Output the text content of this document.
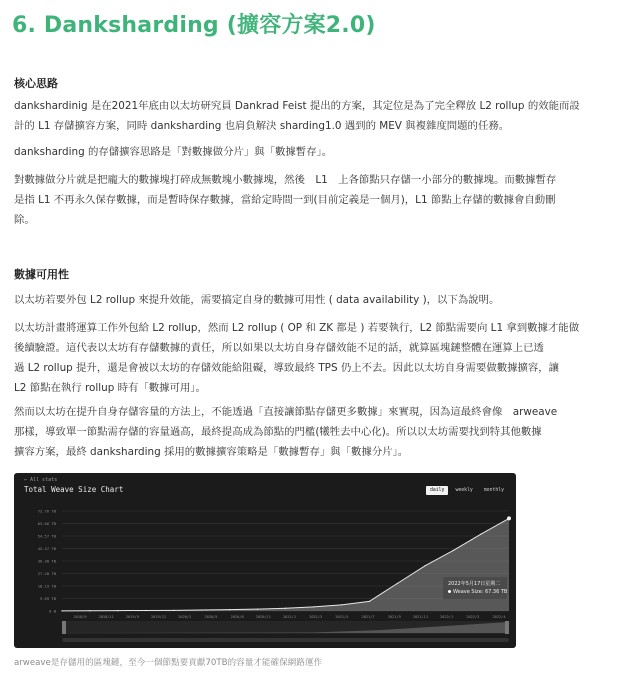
6. Danksharding (擴容方案2.0)
核心思路

dankshardinig 是在2021年底由以太坊研究員 Dankrad Feist 提出的方案，其定位是為了完全釋放 L2 rollup 的效能而設
計的 L1 存儲擴容方案，同時 danksharding 也肩負解決 sharding1.0 遇到的 MEV 與複雜度問題的任務。

danksharding 的存儲擴容思路是「對數據做分片」與「數據暫存」。

對數據做分片就是把龐大的數據塊打碎成無數塊小數據塊，然後　L1　上各節點只存儲一小部分的數據塊。而數據暫存
是指 L1 不再永久保存數據，而是暫時保存數據，當給定時間一到(目前定義是一個月)，L1 節點上存儲的數據會自動刪
除。

數據可用性

以太坊若要外包 L2 rollup 來提升效能，需要搞定自身的數據可用性 ( data availability )，以下為說明。

以太坊計畫將運算工作外包給 L2 rollup，然而 L2 rollup ( OP 和 ZK 都是 ) 若要執行，L2 節點需要向 L1 拿到數據才能做
後續驗證。這代表以太坊有存儲數據的責任，所以如果以太坊自身存儲效能不足的話，就算區塊鏈整體在運算上已透
過 L2 rollup 提升，還是會被以太坊的存儲效能給阻礙，導致最終 TPS 仍上不去。因此以太坊自身需要做數據擴容，讓
L2 節點在執行 rollup 時有「數據可用」。

然而以太坊在提升自身存儲容量的方法上，不能透過「直接讓節點存儲更多數據」來實現，因為這最終會像　arweave
那樣，導致單一節點需存儲的容量過高，最終提高成為節點的門檻(犧牲去中心化)。所以以太坊需要找到特其他數據
擴容方案，最終 danksharding 採用的數據擴容策略是「數據暫存」與「數據分片」。

0 B
9.09 TB
18.19 TB
27.28 TB
36.38 TB
45.47 TB
54.57 TB
63.66 TB
72.76 TB
2018/9	2018/11	2019/9	2019/12	2020/2	2020/5	2020/8	2020/11	2021/1	2021/3	2021/5	2021/7	2021/9	2021/11	2022/1	2022/3	2022/4
← All stats
Total Weave Size Chart	daily	weekly	monthly
2022年5月17日星期二
Weave Size: 67.36 TB
arweave是存儲用的區塊鏈，至今一個節點要貢獻70TB的容量才能確保網路運作
